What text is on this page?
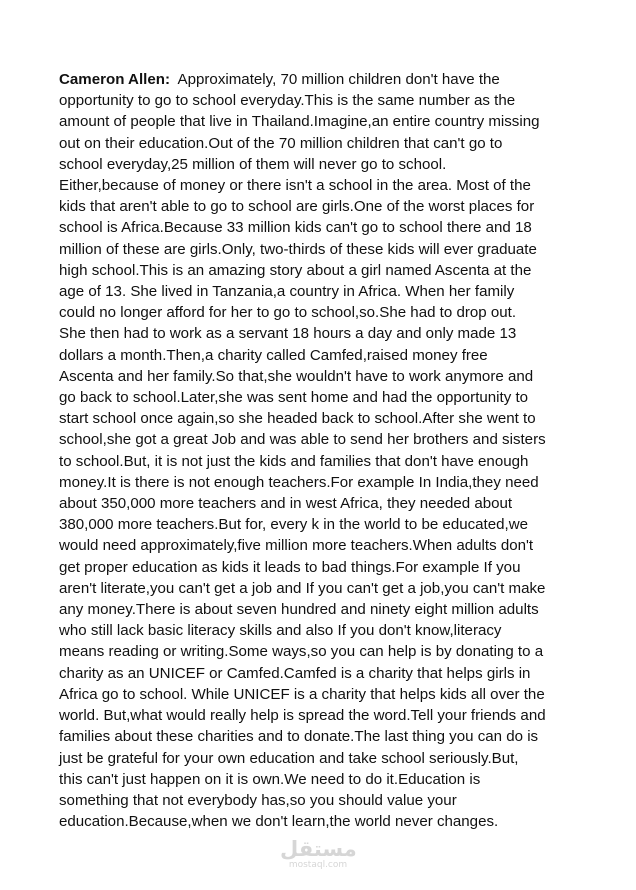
Cameron Allen:  Approximately, 70 million children don't have the
opportunity to go to school everyday.This is the same number as the
amount of people that live in Thailand.Imagine,an entire country missing
out on their education.Out of the 70 million children that can't go to
school everyday,25 million of them will never go to school.
Either,because of money or there isn't a school in the area. Most of the
kids that aren't able to go to school are girls.One of the worst places for
school is Africa.Because 33 million kids can't go to school there and 18
million of these are girls.Only, two-thirds of these kids will ever graduate
high school.This is an amazing story about a girl named Ascenta at the
age of 13. She lived in Tanzania,a country in Africa. When her family
could no longer afford for her to go to school,so.She had to drop out.
She then had to work as a servant 18 hours a day and only made 13
dollars a month.Then,a charity called Camfed,raised money free
Ascenta and her family.So that,she wouldn't have to work anymore and
go back to school.Later,she was sent home and had the opportunity to
start school once again,so she headed back to school.After she went to
school,she got a great Job and was able to send her brothers and sisters
to school.But, it is not just the kids and families that don't have enough
money.It is there is not enough teachers.For example In India,they need
about 350,000 more teachers and in west Africa, they needed about
380,000 more teachers.But for, every k in the world to be educated,we
would need approximately,five million more teachers.When adults don't
get proper education as kids it leads to bad things.For example If you
aren't literate,you can't get a job and If you can't get a job,you can't make
any money.There is about seven hundred and ninety eight million adults
who still lack basic literacy skills and also If you don't know,literacy
means reading or writing.Some ways,so you can help is by donating to a
charity as an UNICEF or Camfed.Camfed is a charity that helps girls in
Africa go to school. While UNICEF is a charity that helps kids all over the
world. But,what would really help is spread the word.Tell your friends and
families about these charities and to donate.The last thing you can do is
just be grateful for your own education and take school seriously.But,
this can't just happen on it is own.We need to do it.Education is
something that not everybody has,so you should value your
education.Because,when we don't learn,the world never changes.
مستقل
mostaql.com
